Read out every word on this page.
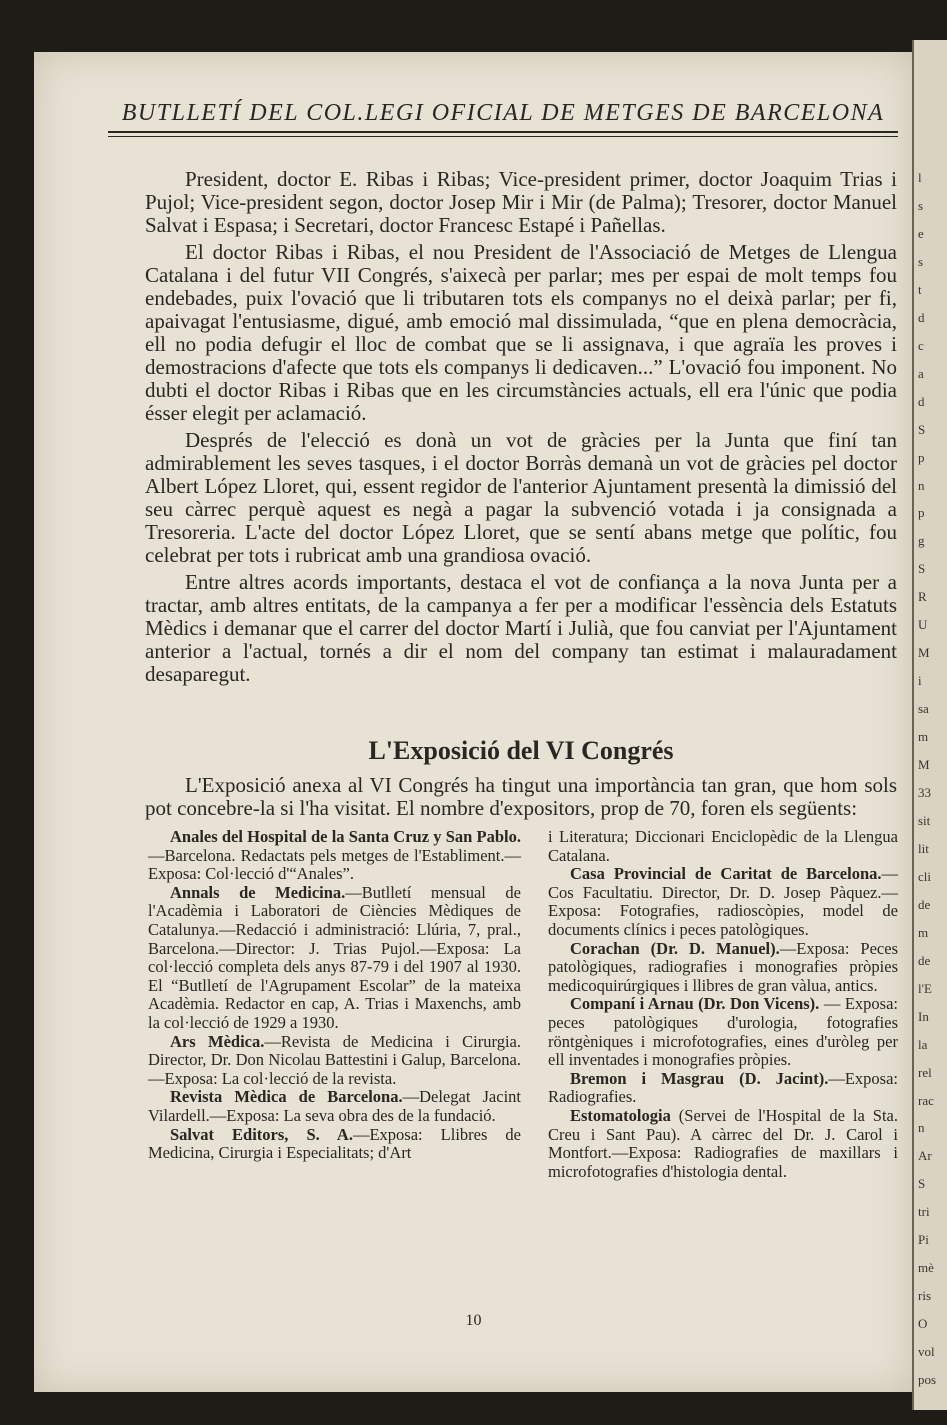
l
s
e
s
t
d
c
a
d
S
p
n
p
g
S
R
U
M
i
sa
m
M
33
sit
lit
cli
de
m
de
l'E
In
la
rel
rac
n
Ar
S
tri
Pi
mè
ris
O
vol
pos
BUTLLETÍ DEL COL.LEGI OFICIAL DE METGES DE BARCELONA

President, doctor E. Ribas i Ribas; Vice-president primer, doctor Joaquim Trias i Pujol; Vice-president segon, doctor Josep Mir i Mir (de Palma); Tresorer, doctor Manuel Salvat i Espasa; i Secretari, doctor Francesc Estapé i Pañellas.

El doctor Ribas i Ribas, el nou President de l'Associació de Metges de Llengua Catalana i del futur VII Congrés, s'aixecà per parlar; mes per espai de molt temps fou endebades, puix l'ovació que li tributaren tots els companys no el deixà parlar; per fi, apaivagat l'entusiasme, digué, amb emoció mal dissimulada, “que en plena democràcia, ell no podia defugir el lloc de combat que se li assignava, i que agraïa les proves i demostracions d'afecte que tots els companys li dedicaven...” L'ovació fou imponent. No dubti el doctor Ribas i Ribas que en les circumstàncies actuals, ell era l'únic que podia ésser elegit per aclamació.

Després de l'elecció es donà un vot de gràcies per la Junta que finí tan admirablement les seves tasques, i el doctor Borràs demanà un vot de gràcies pel doctor Albert López Lloret, qui, essent regidor de l'anterior Ajuntament presentà la dimissió del seu càrrec perquè aquest es negà a pagar la subvenció votada i ja consignada a Tresoreria. L'acte del doctor López Lloret, que se sentí abans metge que polític, fou celebrat per tots i rubricat amb una grandiosa ovació.

Entre altres acords importants, destaca el vot de confiança a la nova Junta per a tractar, amb altres entitats, de la campanya a fer per a modificar l'essència dels Estatuts Mèdics i demanar que el carrer del doctor Martí i Julià, que fou canviat per l'Ajuntament anterior a l'actual, tornés a dir el nom del company tan estimat i malauradament desaparegut.

L'Exposició del VI Congrés

L'Exposició anexa al VI Congrés ha tingut una importància tan gran, que hom sols pot concebre-la si l'ha visitat. El nombre d'expositors, prop de 70, foren els següents:

Anales del Hospital de la Santa Cruz y San Pablo.—Barcelona. Redactats pels metges de l'Establiment.—Exposa: Col·lecció d'“Anales”.

Annals de Medicina.—Butlletí mensual de l'Acadèmia i Laboratori de Ciències Mèdiques de Catalunya.—Redacció i administració: Llúria, 7, pral., Barcelona.—Director: J. Trias Pujol.—Exposa: La col·lecció completa dels anys 87-79 i del 1907 al 1930. El “Butlletí de l'Agrupament Escolar” de la mateixa Acadèmia. Redactor en cap, A. Trias i Maxenchs, amb la col·lecció de 1929 a 1930.

Ars Mèdica.—Revista de Medicina i Cirurgia. Director, Dr. Don Nicolau Battestini i Galup, Barcelona.—Exposa: La col·lecció de la revista.

Revista Mèdica de Barcelona.—Delegat Jacint Vilardell.—Exposa: La seva obra des de la fundació.

Salvat Editors, S. A.—Exposa: Llibres de Medicina, Cirurgia i Especialitats; d'Art

i Literatura; Diccionari Enciclopèdic de la Llengua Catalana.

Casa Provincial de Caritat de Barcelona.—Cos Facultatiu. Director, Dr. D. Josep Pàquez.—Exposa: Fotografies, radioscòpies, model de documents clínics i peces patològiques.

Corachan (Dr. D. Manuel).—Exposa: Peces patològiques, radiografies i monografies pròpies medicoquirúrgiques i llibres de gran vàlua, antics.

Companí i Arnau (Dr. Don Vicens). — Exposa: peces patològiques d'urologia, fotografies röntgèniques i microfotografies, eines d'uròleg per ell inventades i monografies pròpies.

Bremon i Masgrau (D. Jacint).—Exposa: Radiografies.

Estomatologia (Servei de l'Hospital de la Sta. Creu i Sant Pau). A càrrec del Dr. J. Carol i Montfort.—Exposa: Radiografies de maxillars i microfotografies d'histologia dental.

10
